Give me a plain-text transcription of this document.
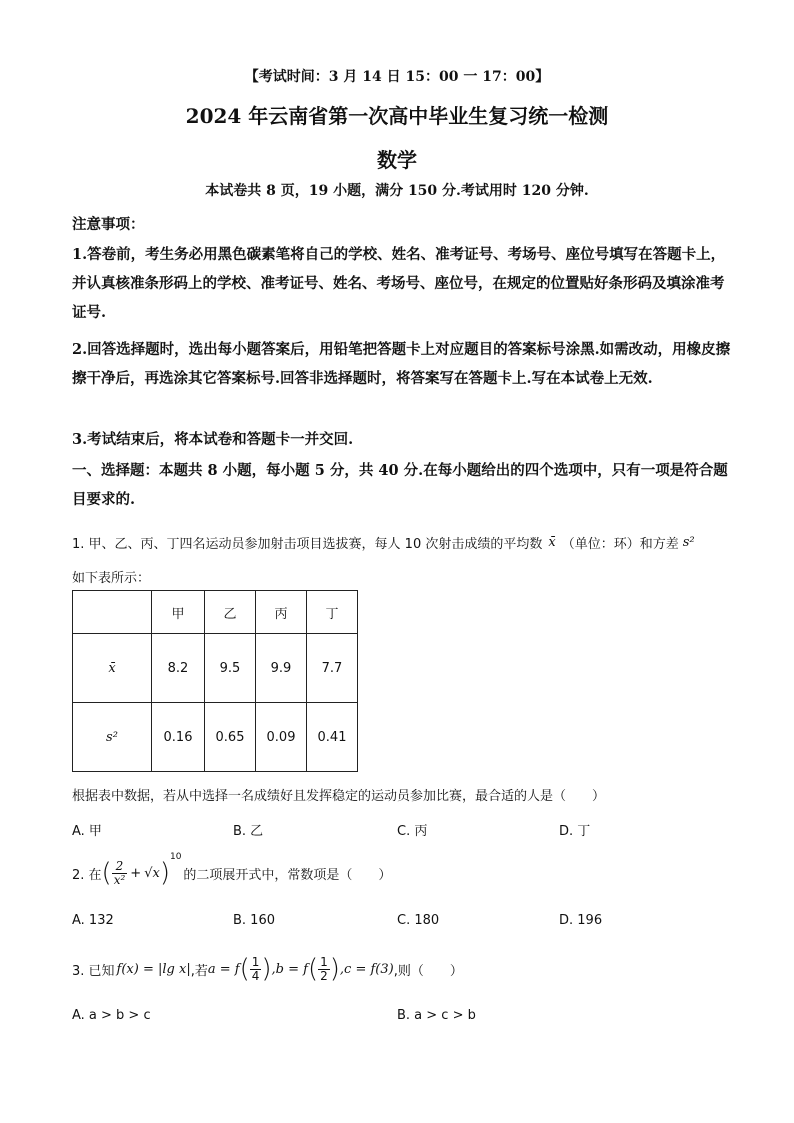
【考试时间：3 月 14 日 15：00 一 17：00】
2024 年云南省第一次高中毕业生复习统一检测
数学
本试卷共 8 页，19 小题，满分 150 分.考试用时 120 分钟.
注意事项：
1.答卷前，考生务必用黑色碳素笔将自己的学校、姓名、准考证号、考场号、座位号填写在答题卡上，并认真核准条形码上的学校、准考证号、姓名、考场号、座位号，在规定的位置贴好条形码及填涂准考证号.
2.回答选择题时，选出每小题答案后，用铅笔把答题卡上对应题目的答案标号涂黑.如需改动，用橡皮擦擦干净后，再选涂其它答案标号.回答非选择题时，将答案写在答题卡上.写在本试卷上无效.
3.考试结束后，将本试卷和答题卡一并交回.
一、选择题：本题共 8 小题，每小题 5 分，共 40 分.在每小题给出的四个选项中，只有一项是符合题目要求的.
1. 甲、乙、丙、丁四名运动员参加射击项目选拔赛，每人 10 次射击成绩的平均数 x̄ （单位：环）和方差 s²
如下表所示：
	甲	乙	丙	丁
x̄	8.2	9.5	9.9	7.7
s²	0.16	0.65	0.09	0.41
根据表中数据，若从中选择一名成绩好且发挥稳定的运动员参加比赛，最合适的人是（　　）
A. 甲	B. 乙	C. 丙	D. 丁
2. 在 ( $\frac{2}{\text{x²}} + √x$ )
10
的二项展开式中，常数项是（　　）
A. 132	B. 160	C. 180	D. 196
3. 已知 f(x) = |lg x| ,若 a = f ( $\frac{1}{4}$ ) ,b = f ( $\frac{1}{2}$ ) ,c = f(3) ,则（　　）
A. a > b > c	B. a > c > b
